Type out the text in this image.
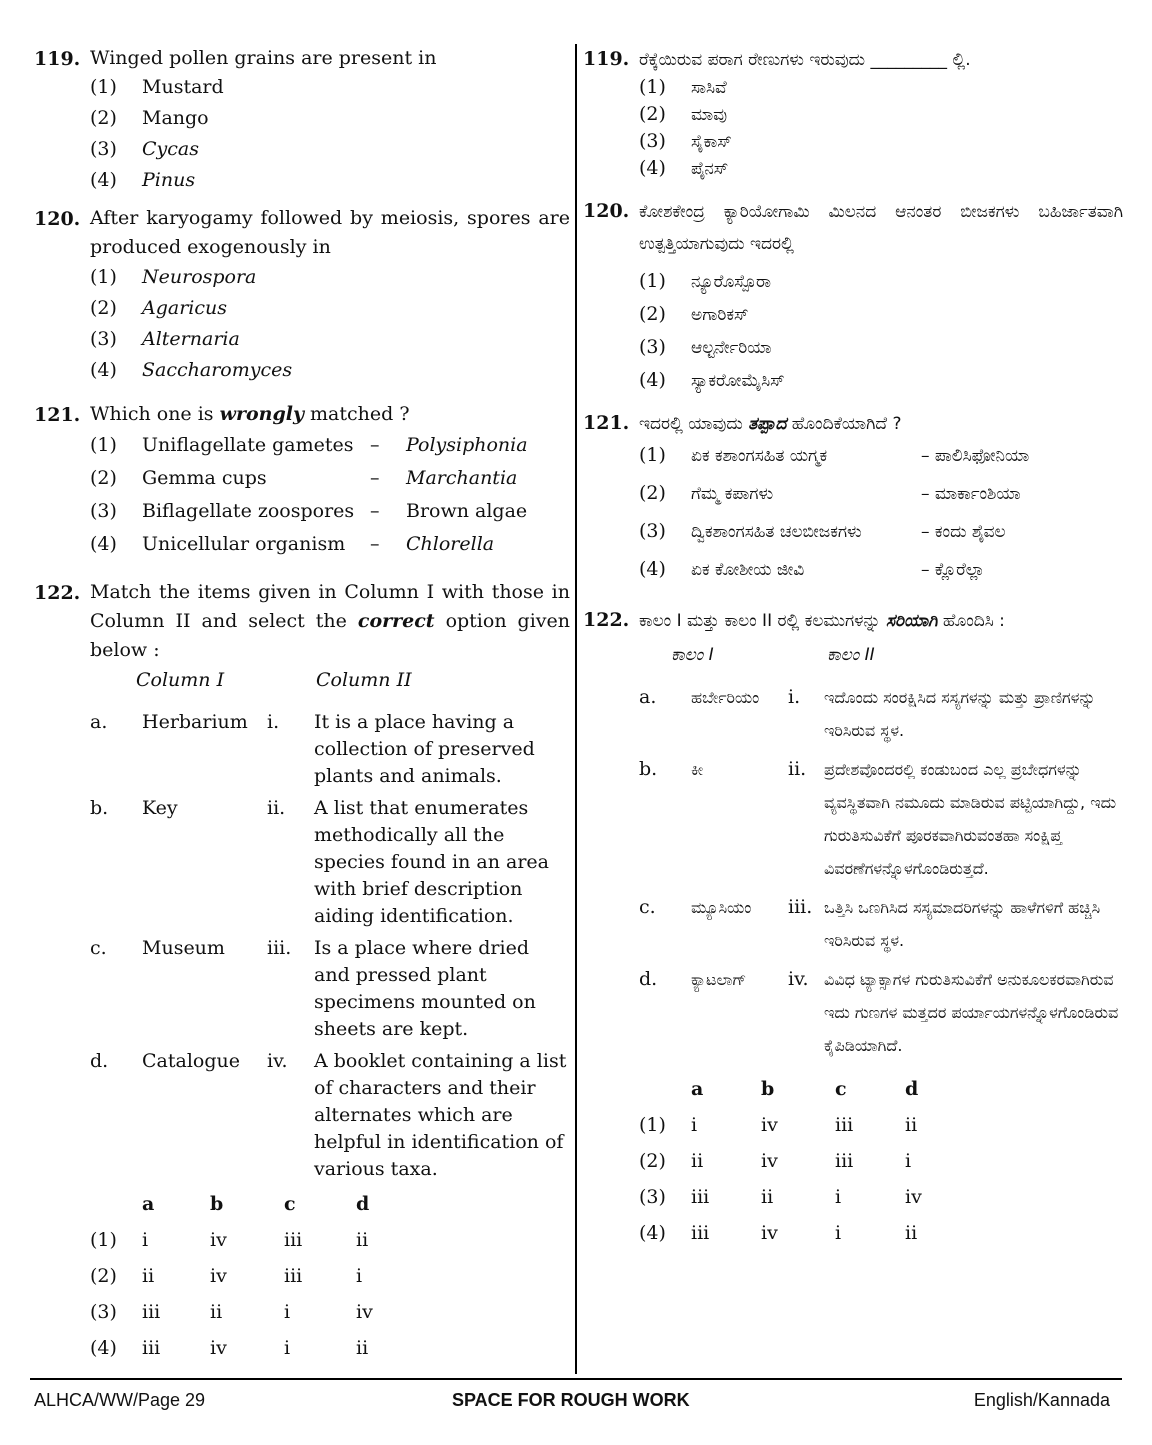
119. Winged pollen grains are present in
(1)	Mustard
(2)	Mango
(3)	Cycas
(4)	Pinus
120. After karyogamy followed by meiosis, spores are produced exogenously in
(1)	Neurospora
(2)	Agaricus
(3)	Alternaria
(4)	Saccharomyces
121. Which one is wrongly matched ?
(1)	Uniflagellate gametes –	Polysiphonia
(2)	Gemma cups	–	Marchantia
(3)	Biflagellate zoospores –	Brown algae
(4)	Unicellular organism	–	Chlorella
122. Match the items given in Column I with those in Column II and select the correct option given below :
Column I	Column II
a.	Herbarium	i.	It is a place having a collection of preserved plants and animals.
b.	Key	ii.	A list that enumerates methodically all the species found in an area with brief description aiding identification.
c.	Museum	iii.	Is a place where dried and pressed plant specimens mounted on sheets are kept.
d.	Catalogue	iv.	A booklet containing a list of characters and their alternates which are helpful in identification of various taxa.
a	b	c	d
(1)	i	iv	iii	ii
(2)	ii	iv	iii	i
(3)	iii	ii	i	iv
(4)	iii	iv	i	ii
119. ರೆಕ್ಕೆಯಿರುವ ಪರಾಗ ರೇಣುಗಳು ಇರುವುದು _________ ಲ್ಲಿ.
(1)	ಸಾಸಿವೆ
(2)	ಮಾವು
(3)	ಸೈಕಾಸ್
(4)	ಪೈನಸ್
120. ಕೋಶಕೇಂದ್ರ ಕ್ಯಾರಿಯೋಗಾಮಿ ಮಿಲನದ ಆನಂತರ ಬೀಜಕಗಳು ಬಹಿರ್ಜಾತವಾಗಿ ಉತ್ಪತ್ತಿಯಾಗುವುದು ಇದರಲ್ಲಿ
(1)	ನ್ಯೂರೊಸ್ಪೊರಾ
(2)	ಅಗಾರಿಕಸ್
(3)	ಆಲ್ಟರ್ನೇರಿಯಾ
(4)	ಸ್ಯಾಕರೋಮೈಸಿಸ್
121. ಇದರಲ್ಲಿ ಯಾವುದು ತಪ್ಪಾದ ಹೊಂದಿಕೆಯಾಗಿದೆ ?
(1)	ಏಕ ಕಶಾಂಗಸಹಿತ ಯಗ್ಮಕ	– ಪಾಲಿಸಿಫೋನಿಯಾ
(2)	ಗೆಮ್ಮ ಕಪಾಗಳು	– ಮಾರ್ಕಾಂಶಿಯಾ
(3)	ದ್ವಿಕಶಾಂಗಸಹಿತ ಚಲಬೀಜಕಗಳು	– ಕಂದು ಶೈವಲ
(4)	ಏಕ ಕೋಶೀಯ ಜೀವಿ	– ಕ್ಲೊರೆಲ್ಲಾ
122. ಕಾಲಂ I ಮತ್ತು ಕಾಲಂ II ರಲ್ಲಿ ಕಲಮುಗಳನ್ನು ಸರಿಯಾಗಿ ಹೊಂದಿಸಿ :
ಕಾಲಂ I	ಕಾಲಂ II
a.	ಹರ್ಬೇರಿಯಂ	i.	ಇದೊಂದು ಸಂರಕ್ಷಿಸಿದ ಸಸ್ಯಗಳನ್ನು ಮತ್ತು ಪ್ರಾಣಿಗಳನ್ನು ಇರಿಸಿರುವ ಸ್ಥಳ.
b.	ಕೀ	ii.	ಪ್ರದೇಶವೊಂದರಲ್ಲಿ ಕಂಡುಬಂದ ಎಲ್ಲ ಪ್ರಬೇಧಗಳನ್ನು ವ್ಯವಸ್ಥಿತವಾಗಿ ನಮೂದು ಮಾಡಿರುವ ಪಟ್ಟಿಯಾಗಿದ್ದು, ಇದು ಗುರುತಿಸುವಿಕೆಗೆ ಪೂರಕವಾಗಿರುವಂತಹಾ ಸಂಕ್ಷಿಪ್ತ ವಿವರಣೆಗಳನ್ನೊಳಗೊಂಡಿರುತ್ತದೆ.
c.	ಮ್ಯೂಸಿಯಂ	iii. ಒತ್ತಿಸಿ ಒಣಗಿಸಿದ ಸಸ್ಯಮಾದರಿಗಳನ್ನು ಹಾಳೆಗಳಿಗೆ ಹಚ್ಚಿಸಿ ಇರಿಸಿರುವ ಸ್ಥಳ.
d.	ಕ್ಯಾಟಲಾಗ್	iv. ವಿವಿಧ ಟ್ಯಾಕ್ಸಾಗಳ ಗುರುತಿಸುವಿಕೆಗೆ ಅನುಕೂಲಕರವಾಗಿರುವ ಇದು ಗುಣಗಳ ಮತ್ತದರ ಪರ್ಯಾಯಗಳನ್ನೊಳಗೊಂಡಿರುವ ಕೈಪಿಡಿಯಾಗಿದೆ.
a	b	c	d
(1)	i	iv	iii	ii
(2)	ii	iv	iii	i
(3)	iii	ii	i	iv
(4)	iii	iv	i	ii
ALHCA/WW/Page 29	SPACE FOR ROUGH WORK	English/Kannada
